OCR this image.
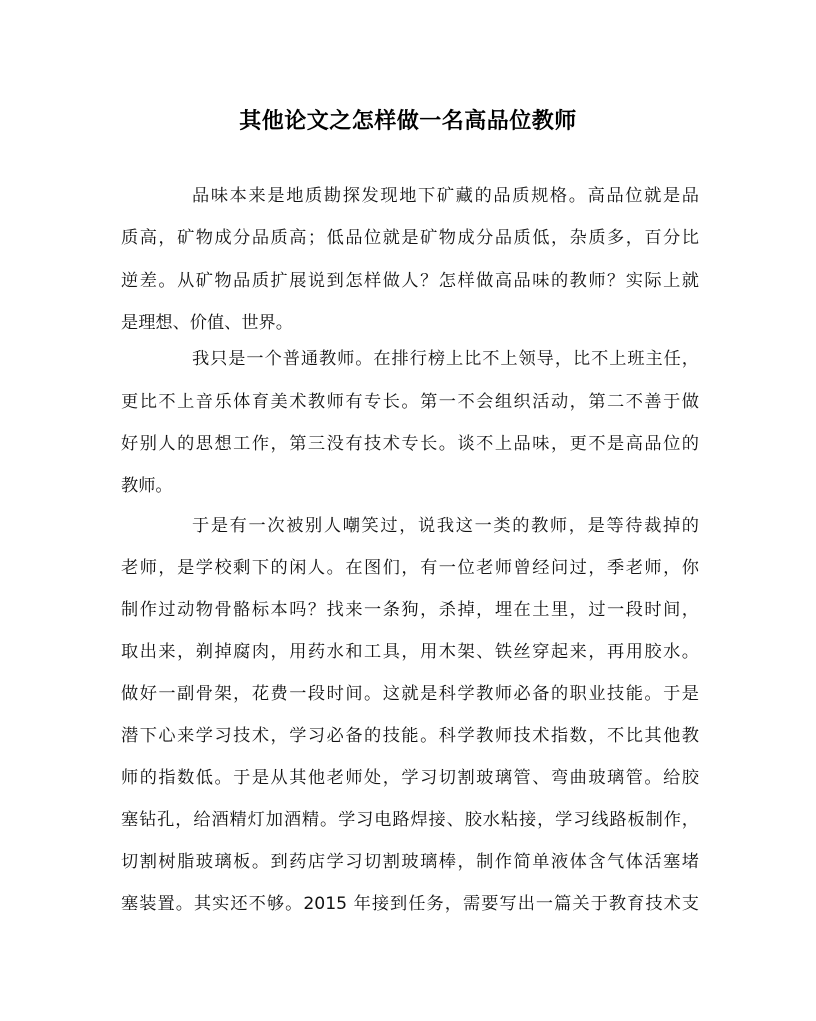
其他论文之怎样做一名高品位教师

品味本来是地质勘探发现地下矿藏的品质规格。高品位就是品

质高，矿物成分品质高；低品位就是矿物成分品质低，杂质多，百分比

逆差。从矿物品质扩展说到怎样做人？怎样做高品味的教师？实际上就

是理想、价值、世界。

我只是一个普通教师。在排行榜上比不上领导，比不上班主任，

更比不上音乐体育美术教师有专长。第一不会组织活动，第二不善于做

好别人的思想工作，第三没有技术专长。谈不上品味，更不是高品位的

教师。

于是有一次被别人嘲笑过，说我这一类的教师，是等待裁掉的

老师，是学校剩下的闲人。在图们，有一位老师曾经问过，季老师，你

制作过动物骨骼标本吗？找来一条狗，杀掉，埋在土里，过一段时间，

取出来，剃掉腐肉，用药水和工具，用木架、铁丝穿起来，再用胶水。

做好一副骨架，花费一段时间。这就是科学教师必备的职业技能。于是

潜下心来学习技术，学习必备的技能。科学教师技术指数，不比其他教

师的指数低。于是从其他老师处，学习切割玻璃管、弯曲玻璃管。给胶

塞钻孔，给酒精灯加酒精。学习电路焊接、胶水粘接，学习线路板制作，

切割树脂玻璃板。到药店学习切割玻璃棒，制作简单液体含气体活塞堵

塞装置。其实还不够。2015 年接到任务，需要写出一篇关于教育技术支
